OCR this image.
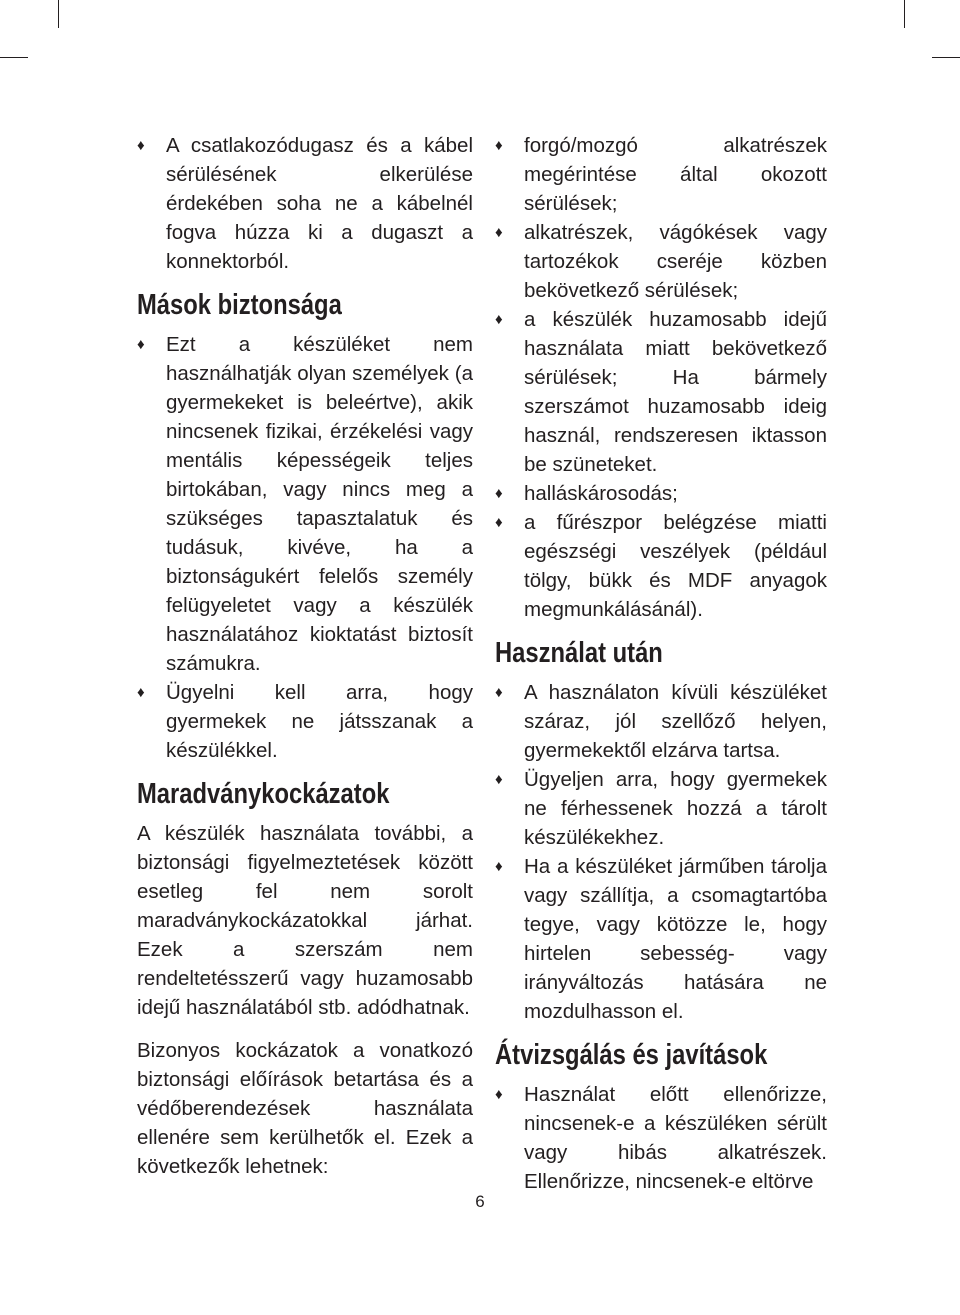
♦ A csatlakozódugasz és a kábel sérülésének elkerülése érdekében soha ne a kábelnél fogva húzza ki a dugaszt a konnektorból.
Mások biztonsága
♦ Ezt a készüléket nem használhatják olyan személyek (a gyermekeket is beleértve), akik nincsenek fizikai, érzékelési vagy mentális képességeik teljes birtokában, vagy nincs meg a szükséges tapasztalatuk és tudásuk, kivéve, ha a biztonságukért felelős személy felügyeletet vagy a készülék használatához kioktatást biztosít számukra.
♦ Ügyelni kell arra, hogy gyermekek ne játsszanak a készülékkel.
Maradványkockázatok

A készülék használata további, a biztonsági figyelmeztetések között esetleg fel nem sorolt maradványkockázatokkal járhat. Ezek a szerszám nem rendeltetésszerű vagy huzamosabb idejű használatából stb. adódhatnak.

Bizonyos kockázatok a vonatkozó biztonsági előírások betartása és a védőberendezések használata ellenére sem kerülhetők el. Ezek a következők lehetnek:

♦ forgó/mozgó alkatrészek megérintése által okozott sérülések;
♦ alkatrészek, vágókések vagy tartozékok cseréje közben bekövetkező sérülések;
♦ a készülék huzamosabb idejű használata miatt bekövetkező sérülések; Ha bármely szerszámot huzamosabb ideig használ, rendszeresen iktasson be szüneteket.
♦ halláskárosodás;
♦ a fűrészpor belégzése miatti egészségi veszélyek (például tölgy, bükk és MDF anyagok megmunkálásánál).
Használat után
♦ A használaton kívüli készüléket száraz, jól szellőző helyen, gyermekektől elzárva tartsa.
♦ Ügyeljen arra, hogy gyermekek ne férhessenek hozzá a tárolt készülékekhez.
♦ Ha a készüléket járműben tárolja vagy szállítja, a csomagtartóba tegye, vagy kötözze le, hogy hirtelen sebesség- vagy irányváltozás hatására ne mozdulhasson el.
Átvizsgálás és javítások
♦ Használat előtt ellenőrizze, nincsenek-e a készüléken sérült vagy hibás alkatrészek. Ellenőrizze, nincsenek-e eltörve
6
